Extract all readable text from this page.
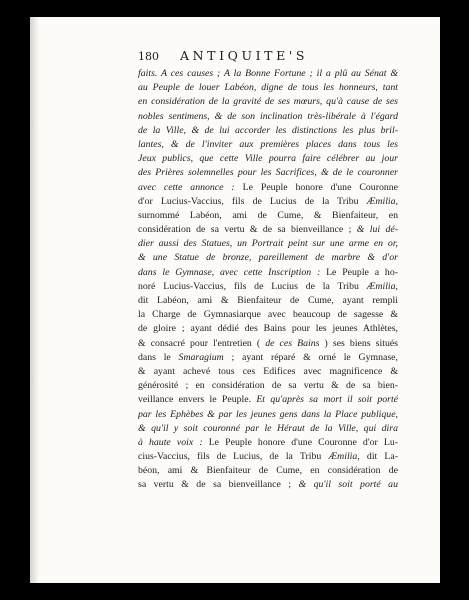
180 ANTIQUITE'S
faits. A ces causes ; A la Bonne Fortune ; il a plû au Sénat &
au Peuple de louer Labéon, digne de tous les honneurs, tant
en considération de la gravité de ses mœurs, qu'à cause de ses
nobles sentimens, & de son inclination très-libérale à l'égard
de la Ville, & de lui accorder les distinctions les plus bril-
lantes, & de l'inviter aux premières places dans tous les
Jeux publics, que cette Ville pourra faire célébrer au jour
des Prières solemnelles pour les Sacrifices, & de le couronner
avec cette annonce : Le Peuple honore d'une Couronne
d'or Lucius-Vaccius, fils de Lucius de la Tribu Æmilia,
surnommé Labéon, ami de Cume, & Bienfaiteur, en
considération de sa vertu & de sa bienveillance ; & lui dé-
dier aussi des Statues, un Portrait peint sur une arme en or,
& une Statue de bronze, pareillement de marbre & d'or
dans le Gymnase, avec cette Inscription : Le Peuple a ho-
noré Lucius-Vaccius, fils de Lucius de la Tribu Æmilia,
dit Labéon, ami & Bienfaiteur de Cume, ayant rempli
la Charge de Gymnasiarque avec beaucoup de sagesse &
de gloire ; ayant dédié des Bains pour les jeunes Athlètes,
& consacré pour l'entretien ( de ces Bains ) ses biens situés
dans le Smaragium ; ayant réparé & orné le Gymnase,
& ayant achevé tous ces Edifices avec magnificence &
générosité ; en considération de sa vertu & de sa bien-
veillance envers le Peuple. Et qu'après sa mort il soit porté
par les Ephèbes & par les jeunes gens dans la Place publique,
& qu'il y soit couronné par le Héraut de la Ville, qui dira
à haute voix : Le Peuple honore d'une Couronne d'or Lu-
cius-Vaccius, fils de Lucius, de la Tribu Æmilia, dit La-
béon, ami & Bienfaiteur de Cume, en considération de
sa vertu & de sa bienveillance ; & qu'il soit porté au
